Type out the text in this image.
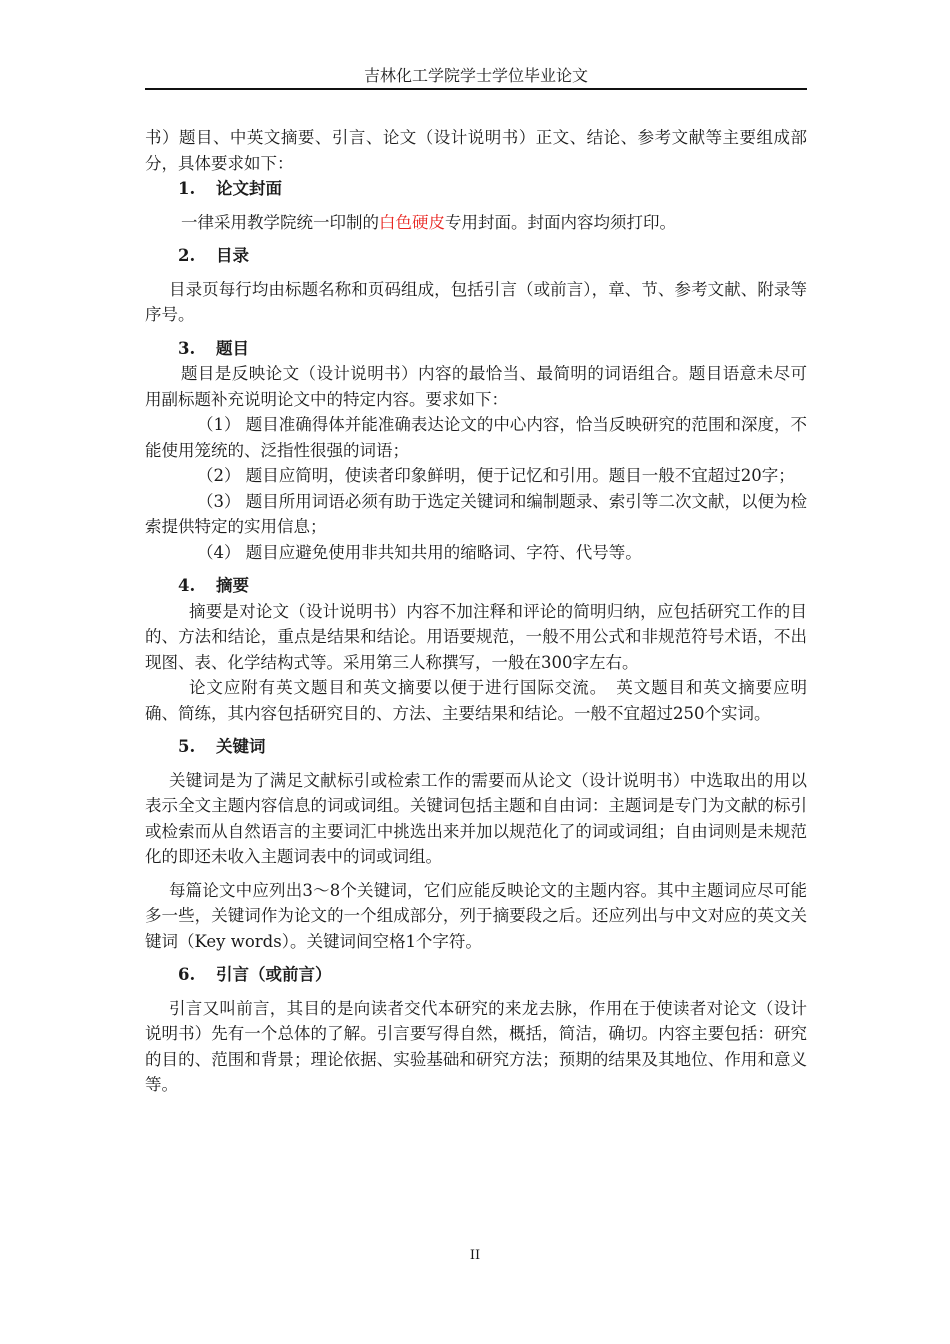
吉林化工学院学士学位毕业论文

书）题目、中英文摘要、引言、论文（设计说明书）正文、结论、参考文献等主要组成部分，具体要求如下：

1. 论文封面

一律采用教学院统一印制的白色硬皮专用封面。封面内容均须打印。

2. 目录

目录页每行均由标题名称和页码组成，包括引言（或前言），章、节、参考文献、附录等序号。

3. 题目

题目是反映论文（设计说明书）内容的最恰当、最简明的词语组合。题目语意未尽可用副标题补充说明论文中的特定内容。要求如下：

（1） 题目准确得体并能准确表达论文的中心内容，恰当反映研究的范围和深度，不能使用笼统的、泛指性很强的词语；

（2） 题目应简明，使读者印象鲜明，便于记忆和引用。题目一般不宜超过20字；

（3） 题目所用词语必须有助于选定关键词和编制题录、索引等二次文献，以便为检索提供特定的实用信息；

（4） 题目应避免使用非共知共用的缩略词、字符、代号等。

4. 摘要

摘要是对论文（设计说明书）内容不加注释和评论的简明归纳，应包括研究工作的目的、方法和结论，重点是结果和结论。用语要规范，一般不用公式和非规范符号术语，不出现图、表、化学结构式等。采用第三人称撰写，一般在300字左右。

论文应附有英文题目和英文摘要以便于进行国际交流。　英文题目和英文摘要应明确、简练，其内容包括研究目的、方法、主要结果和结论。一般不宜超过250个实词。

5. 关键词

关键词是为了满足文献标引或检索工作的需要而从论文（设计说明书）中选取出的用以表示全文主题内容信息的词或词组。关键词包括主题和自由词：主题词是专门为文献的标引或检索而从自然语言的主要词汇中挑选出来并加以规范化了的词或词组；自由词则是未规范化的即还未收入主题词表中的词或词组。

每篇论文中应列出3～8个关键词，它们应能反映论文的主题内容。其中主题词应尽可能多一些，关键词作为论文的一个组成部分，列于摘要段之后。还应列出与中文对应的英文关键词（Key words）。关键词间空格1个字符。

6. 引言（或前言）

引言又叫前言，其目的是向读者交代本研究的来龙去脉，作用在于使读者对论文（设计说明书）先有一个总体的了解。引言要写得自然，概括，简洁，确切。内容主要包括：研究的目的、范围和背景；理论依据、实验基础和研究方法；预期的结果及其地位、作用和意义等。

II
